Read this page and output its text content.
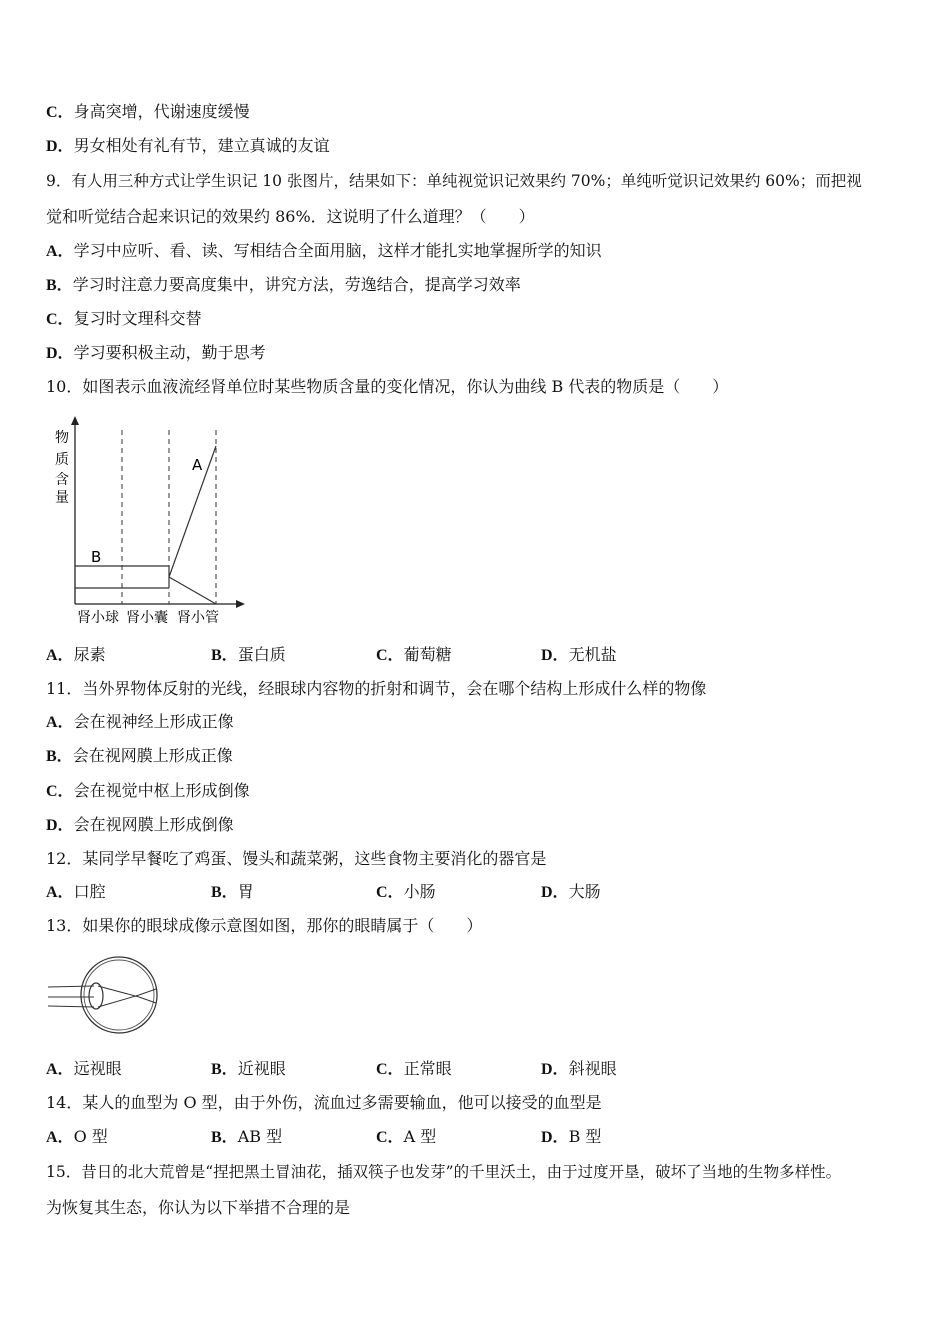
C．身高突增，代谢速度缓慢
D．男女相处有礼有节，建立真诚的友谊
9．有人用三种方式让学生识记 10 张图片，结果如下：单纯视觉识记效果约 70%；单纯听觉识记效果约 60%；而把视
觉和听觉结合起来识记的效果约 86%．这说明了什么道理？（　　）
A．学习中应听、看、读、写相结合全面用脑，这样才能扎实地掌握所学的知识
B．学习时注意力要高度集中，讲究方法，劳逸结合，提高学习效率
C．复习时文理科交替
D．学习要积极主动，勤于思考
10．如图表示血液流经肾单位时某些物质含量的变化情况，你认为曲线 B 代表的物质是（　　）
物
质
含
量
A
B
肾小球 肾小囊 肾小管
A．尿素	B．蛋白质	C．葡萄糖	D．无机盐
11．当外界物体反射的光线，经眼球内容物的折射和调节，会在哪个结构上形成什么样的物像
A．会在视神经上形成正像
B．会在视网膜上形成正像
C．会在视觉中枢上形成倒像
D．会在视网膜上形成倒像
12．某同学早餐吃了鸡蛋、馒头和蔬菜粥，这些食物主要消化的器官是
A．口腔	B．胃	C．小肠	D．大肠
13．如果你的眼球成像示意图如图，那你的眼睛属于（　　）
A．远视眼	B．近视眼	C．正常眼	D．斜视眼
14．某人的血型为 O 型，由于外伤，流血过多需要输血，他可以接受的血型是
A．O 型	B．AB 型	C．A 型	D．B 型
15．昔日的北大荒曾是“捏把黑土冒油花，插双筷子也发芽”的千里沃土，由于过度开垦，破坏了当地的生物多样性。
为恢复其生态，你认为以下举措不合理的是
